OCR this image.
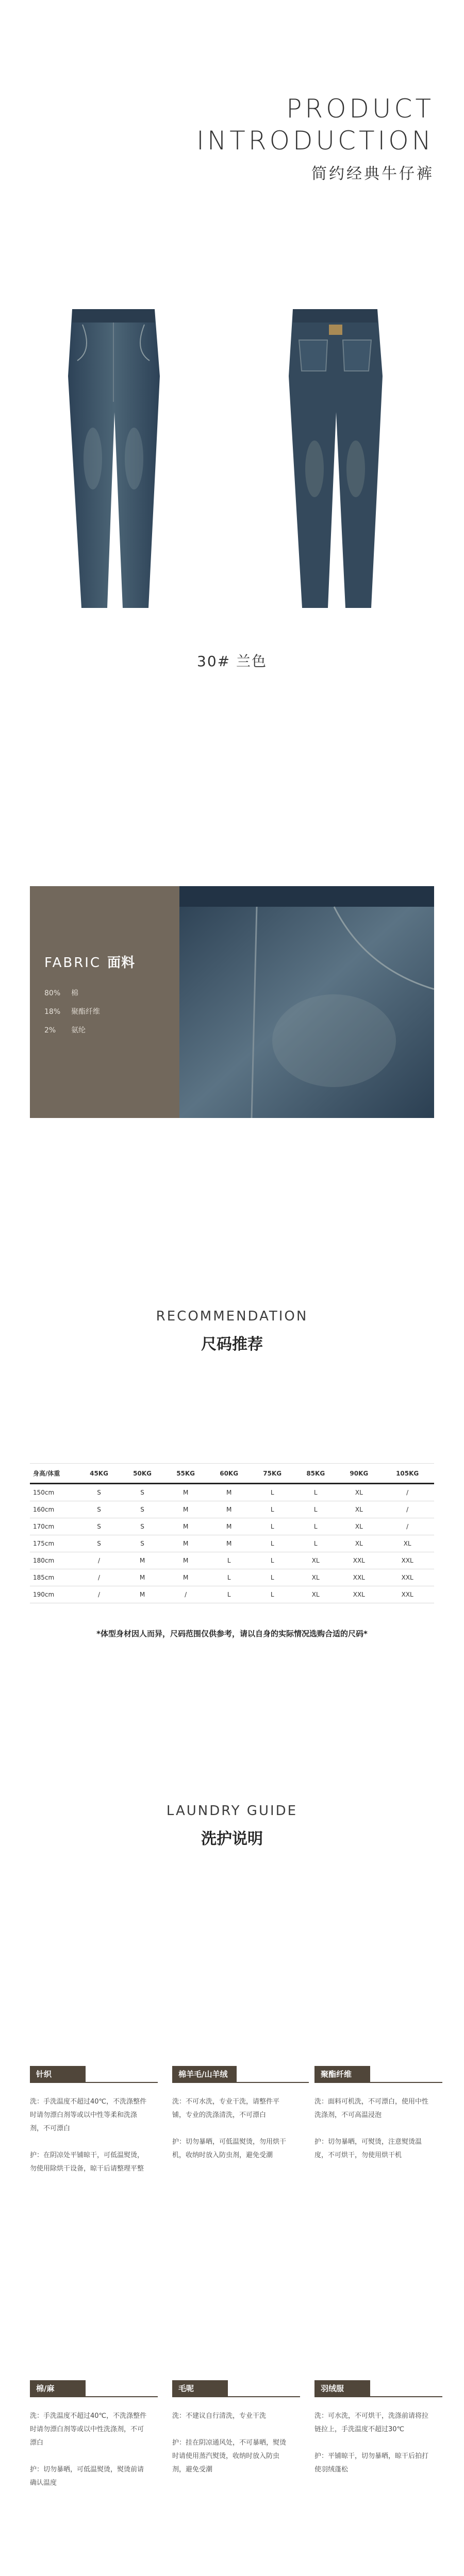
PRODUCT
INTRODUCTION
简约经典牛仔裤
30# 兰色
FABRIC 面料
80% 棉
18% 聚酯纤维
2% 氨纶
RECOMMENDATION
尺码推荐
身高/体重	45KG	50KG	55KG	60KG	75KG	85KG	90KG	105KG
150cm	S	S	M	M	L	L	XL	/
160cm	S	S	M	M	L	L	XL	/
170cm	S	S	M	M	L	L	XL	/
175cm	S	S	M	M	L	L	XL	XL
180cm	/	M	M	L	L	XL	XXL	XXL
185cm	/	M	M	L	L	XL	XXL	XXL
190cm	/	M	/	L	L	XL	XXL	XXL
*体型身材因人而异，尺码范围仅供参考，请以自身的实际情况选购合适的尺码*
LAUNDRY GUIDE
洗护说明
针织

洗：手洗温度不超过40℃，不洗涤整件时请勿漂白剂等或以中性等柔和洗涤剂，不可漂白

护：在阴凉处平铺晾干，可低温熨烫，勿使用除烘干设备，晾干后请整理平整

棉羊毛/山羊绒

洗：不可水洗，专业干洗，请整件平铺，专业的洗涤清洗，不可漂白

护：切勿暴晒，可低温熨烫，勿用烘干机，收纳时放入防虫剂，避免受潮

聚酯纤维

洗：面料可机洗，不可漂白，使用中性洗涤剂，不可高温浸泡

护：切勿暴晒，可熨烫，注意熨烫温度，不可烘干，勿使用烘干机

棉/麻

洗：手洗温度不超过40℃，不洗涤整件时请勿漂白剂等或以中性洗涤剂，不可漂白

护：切勿暴晒，可低温熨烫，熨烫前请确认温度

毛呢

洗：不建议自行清洗，专业干洗

护：挂在阴凉通风处，不可暴晒，熨烫时请使用蒸汽熨烫，收纳时放入防虫剂，避免受潮

羽绒服

洗：可水洗，不可烘干，洗涤前请将拉链拉上，手洗温度不超过30℃

护：平铺晾干，切勿暴晒，晾干后拍打使羽绒蓬松
